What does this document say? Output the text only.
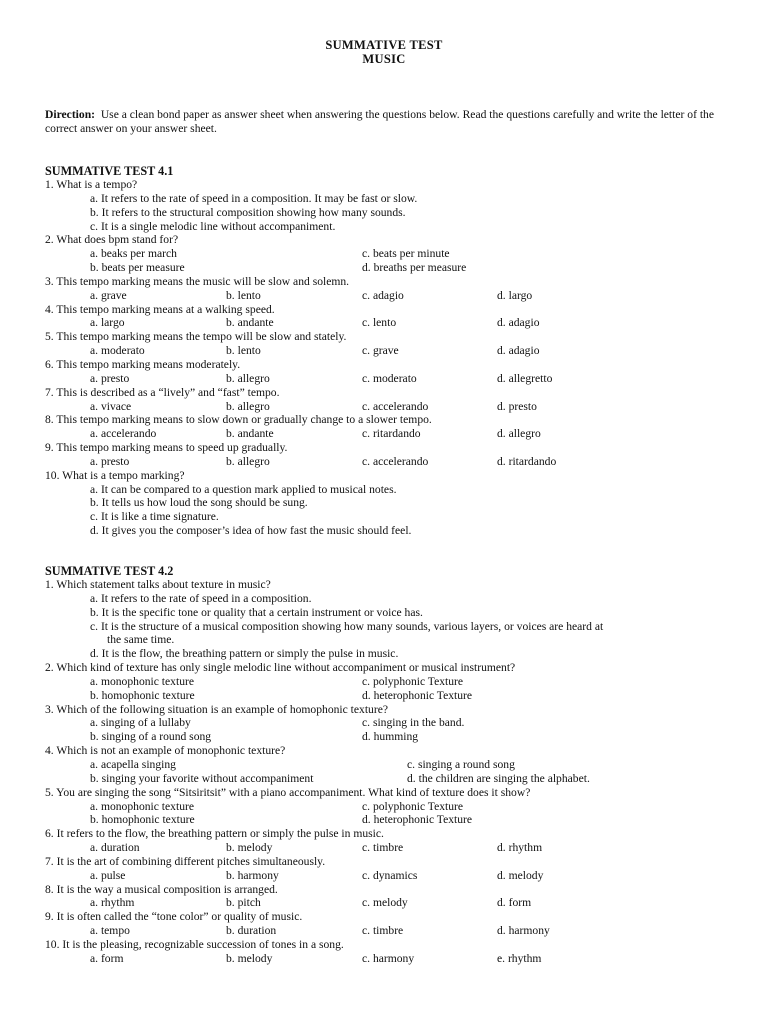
SUMMATIVE TEST
MUSIC
Direction: Use a clean bond paper as answer sheet when answering the questions below. Read the questions carefully and write the letter of the correct answer on your answer sheet.
SUMMATIVE TEST 4.1
1. What is a tempo?
a. It refers to the rate of speed in a composition. It may be fast or slow.
b. It refers to the structural composition showing how many sounds.
c. It is a single melodic line without accompaniment.
2. What does bpm stand for?
a. beaks per march	c. beats per minute
b. beats per measure	d. breaths per measure
3. This tempo marking means the music will be slow and solemn.
a. grave	b. lento	c. adagio	d. largo
4. This tempo marking means at a walking speed.
a. largo	b. andante	c. lento	d. adagio
5. This tempo marking means the tempo will be slow and stately.
a. moderato	b. lento	c. grave	d. adagio
6. This tempo marking means moderately.
a. presto	b. allegro	c. moderato	d. allegretto
7. This is described as a “lively” and “fast” tempo.
a. vivace	b. allegro	c. accelerando	d. presto
8. This tempo marking means to slow down or gradually change to a slower tempo.
a. accelerando	b. andante	c. ritardando	d. allegro
9. This tempo marking means to speed up gradually.
a. presto	b. allegro	c. accelerando	d. ritardando
10. What is a tempo marking?
a. It can be compared to a question mark applied to musical notes.
b. It tells us how loud the song should be sung.
c. It is like a time signature.
d. It gives you the composer’s idea of how fast the music should feel.
SUMMATIVE TEST 4.2
1. Which statement talks about texture in music?
a. It refers to the rate of speed in a composition.
b. It is the specific tone or quality that a certain instrument or voice has.
c. It is the structure of a musical composition showing how many sounds, various layers, or voices are heard at
the same time.
d. It is the flow, the breathing pattern or simply the pulse in music.
2. Which kind of texture has only single melodic line without accompaniment or musical instrument?
a. monophonic texture	c. polyphonic Texture
b. homophonic texture	d. heterophonic Texture
3. Which of the following situation is an example of homophonic texture?
a. singing of a lullaby	c. singing in the band.
b. singing of a round song	d. humming
4. Which is not an example of monophonic texture?
a. acapella singing	c. singing a round song
b. singing your favorite without accompaniment	d. the children are singing the alphabet.
5. You are singing the song “Sitsiritsit” with a piano accompaniment. What kind of texture does it show?
a. monophonic texture	c. polyphonic Texture
b. homophonic texture	d. heterophonic Texture
6. It refers to the flow, the breathing pattern or simply the pulse in music.
a. duration	b. melody	c. timbre	d. rhythm
7. It is the art of combining different pitches simultaneously.
a. pulse	b. harmony	c. dynamics	d. melody
8. It is the way a musical composition is arranged.
a. rhythm	b. pitch	c. melody	d. form
9. It is often called the “tone color” or quality of music.
a. tempo	b. duration	c. timbre	d. harmony
10. It is the pleasing, recognizable succession of tones in a song.
a. form	b. melody	c. harmony	e. rhythm
